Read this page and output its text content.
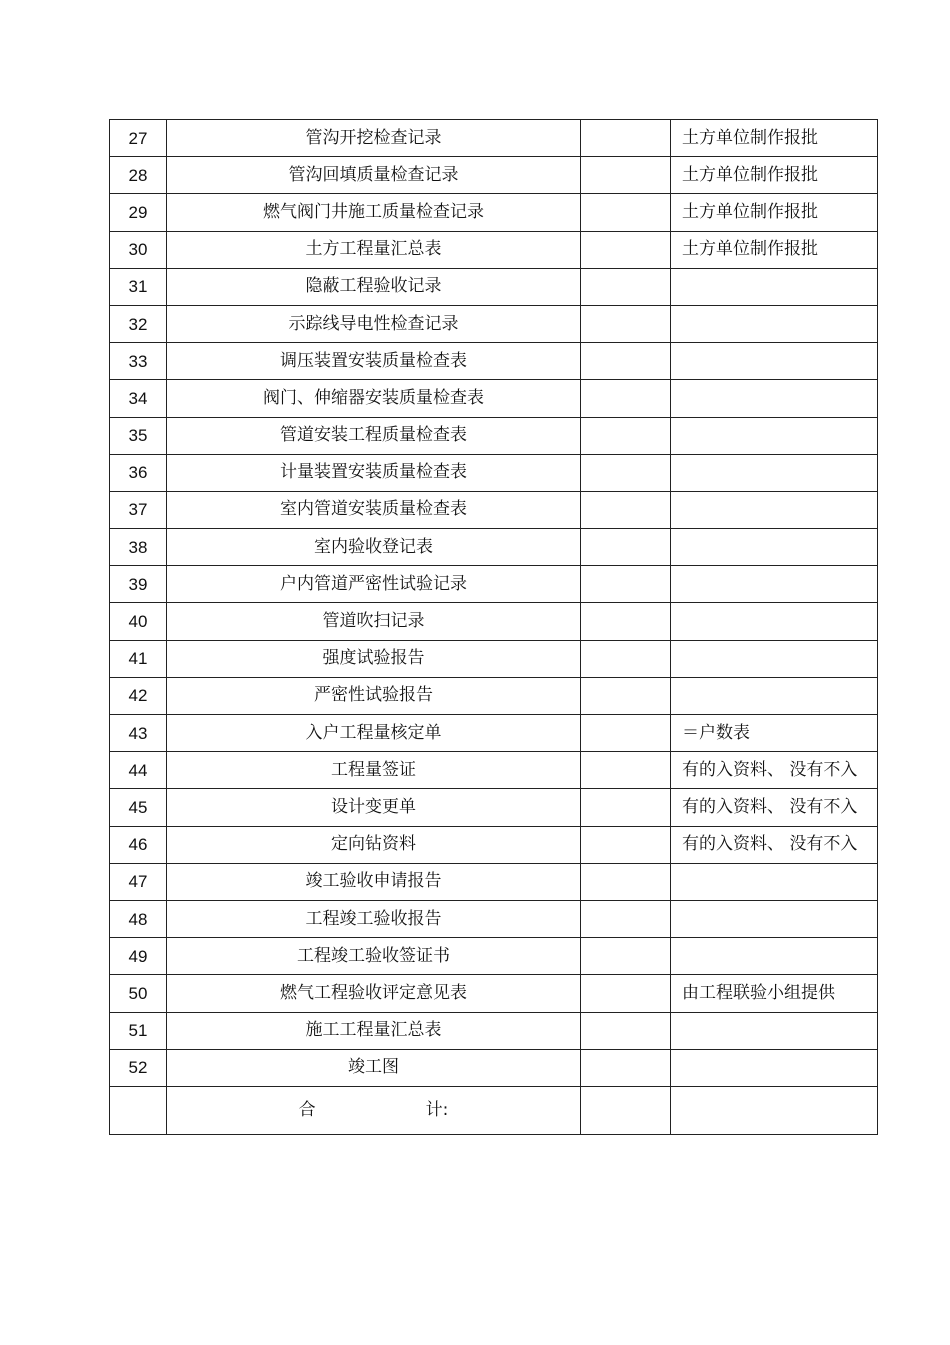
27	管沟开挖检查记录		土方单位制作报批
28	管沟回填质量检查记录		土方单位制作报批
29	燃气阀门井施工质量检查记录		土方单位制作报批
30	土方工程量汇总表		土方单位制作报批
31	隐蔽工程验收记录		
32	示踪线导电性检查记录		
33	调压装置安装质量检查表		
34	阀门、伸缩器安装质量检查表		
35	管道安装工程质量检查表		
36	计量装置安装质量检查表		
37	室内管道安装质量检查表		
38	室内验收登记表		
39	户内管道严密性试验记录		
40	管道吹扫记录		
41	强度试验报告		
42	严密性试验报告		
43	入户工程量核定单		＝户数表
44	工程量签证		有的入资料、 没有不入
45	设计变更单		有的入资料、 没有不入
46	定向钻资料		有的入资料、 没有不入
47	竣工验收申请报告		
48	工程竣工验收报告		
49	工程竣工验收签证书		
50	燃气工程验收评定意见表		由工程联验小组提供
51	施工工程量汇总表		
52	竣工图		
	合 计:		
